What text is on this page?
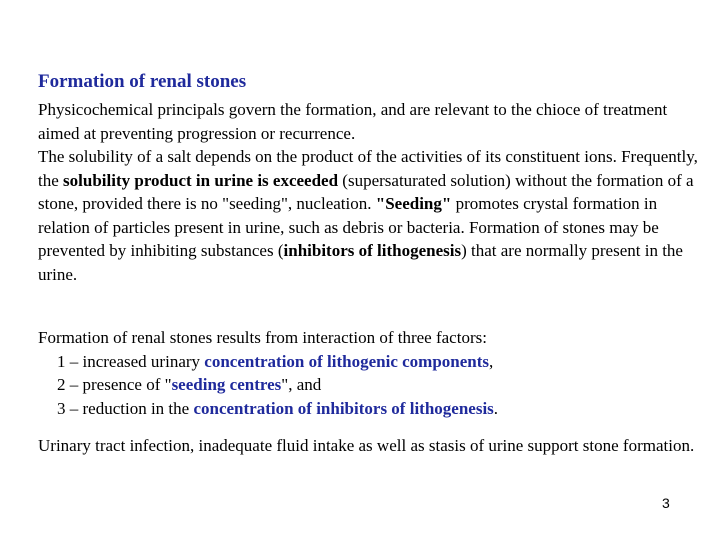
Formation of renal stones

Physicochemical principals govern the formation, and are relevant to the chioce of treatment aimed at preventing progression or recurrence.

The solubility of a salt depends on the product of the activities of its constituent ions. Frequently, the solubility product in urine is exceeded (supersaturated solution) without the formation of a stone, provided there is no "seeding", nucleation. "Seeding" promotes crystal formation in relation of particles present in urine, such as debris or bacteria. Formation of stones may be prevented by inhibiting substances (inhibitors of lithogenesis) that are normally present in the urine.

Formation of renal stones results from interaction of three factors:
1 – increased urinary concentration of lithogenic components,
2 – presence of "seeding centres", and
3 – reduction in the concentration of inhibitors of lithogenesis.

Urinary tract infection, inadequate fluid intake as well as stasis of urine support stone formation.

3
